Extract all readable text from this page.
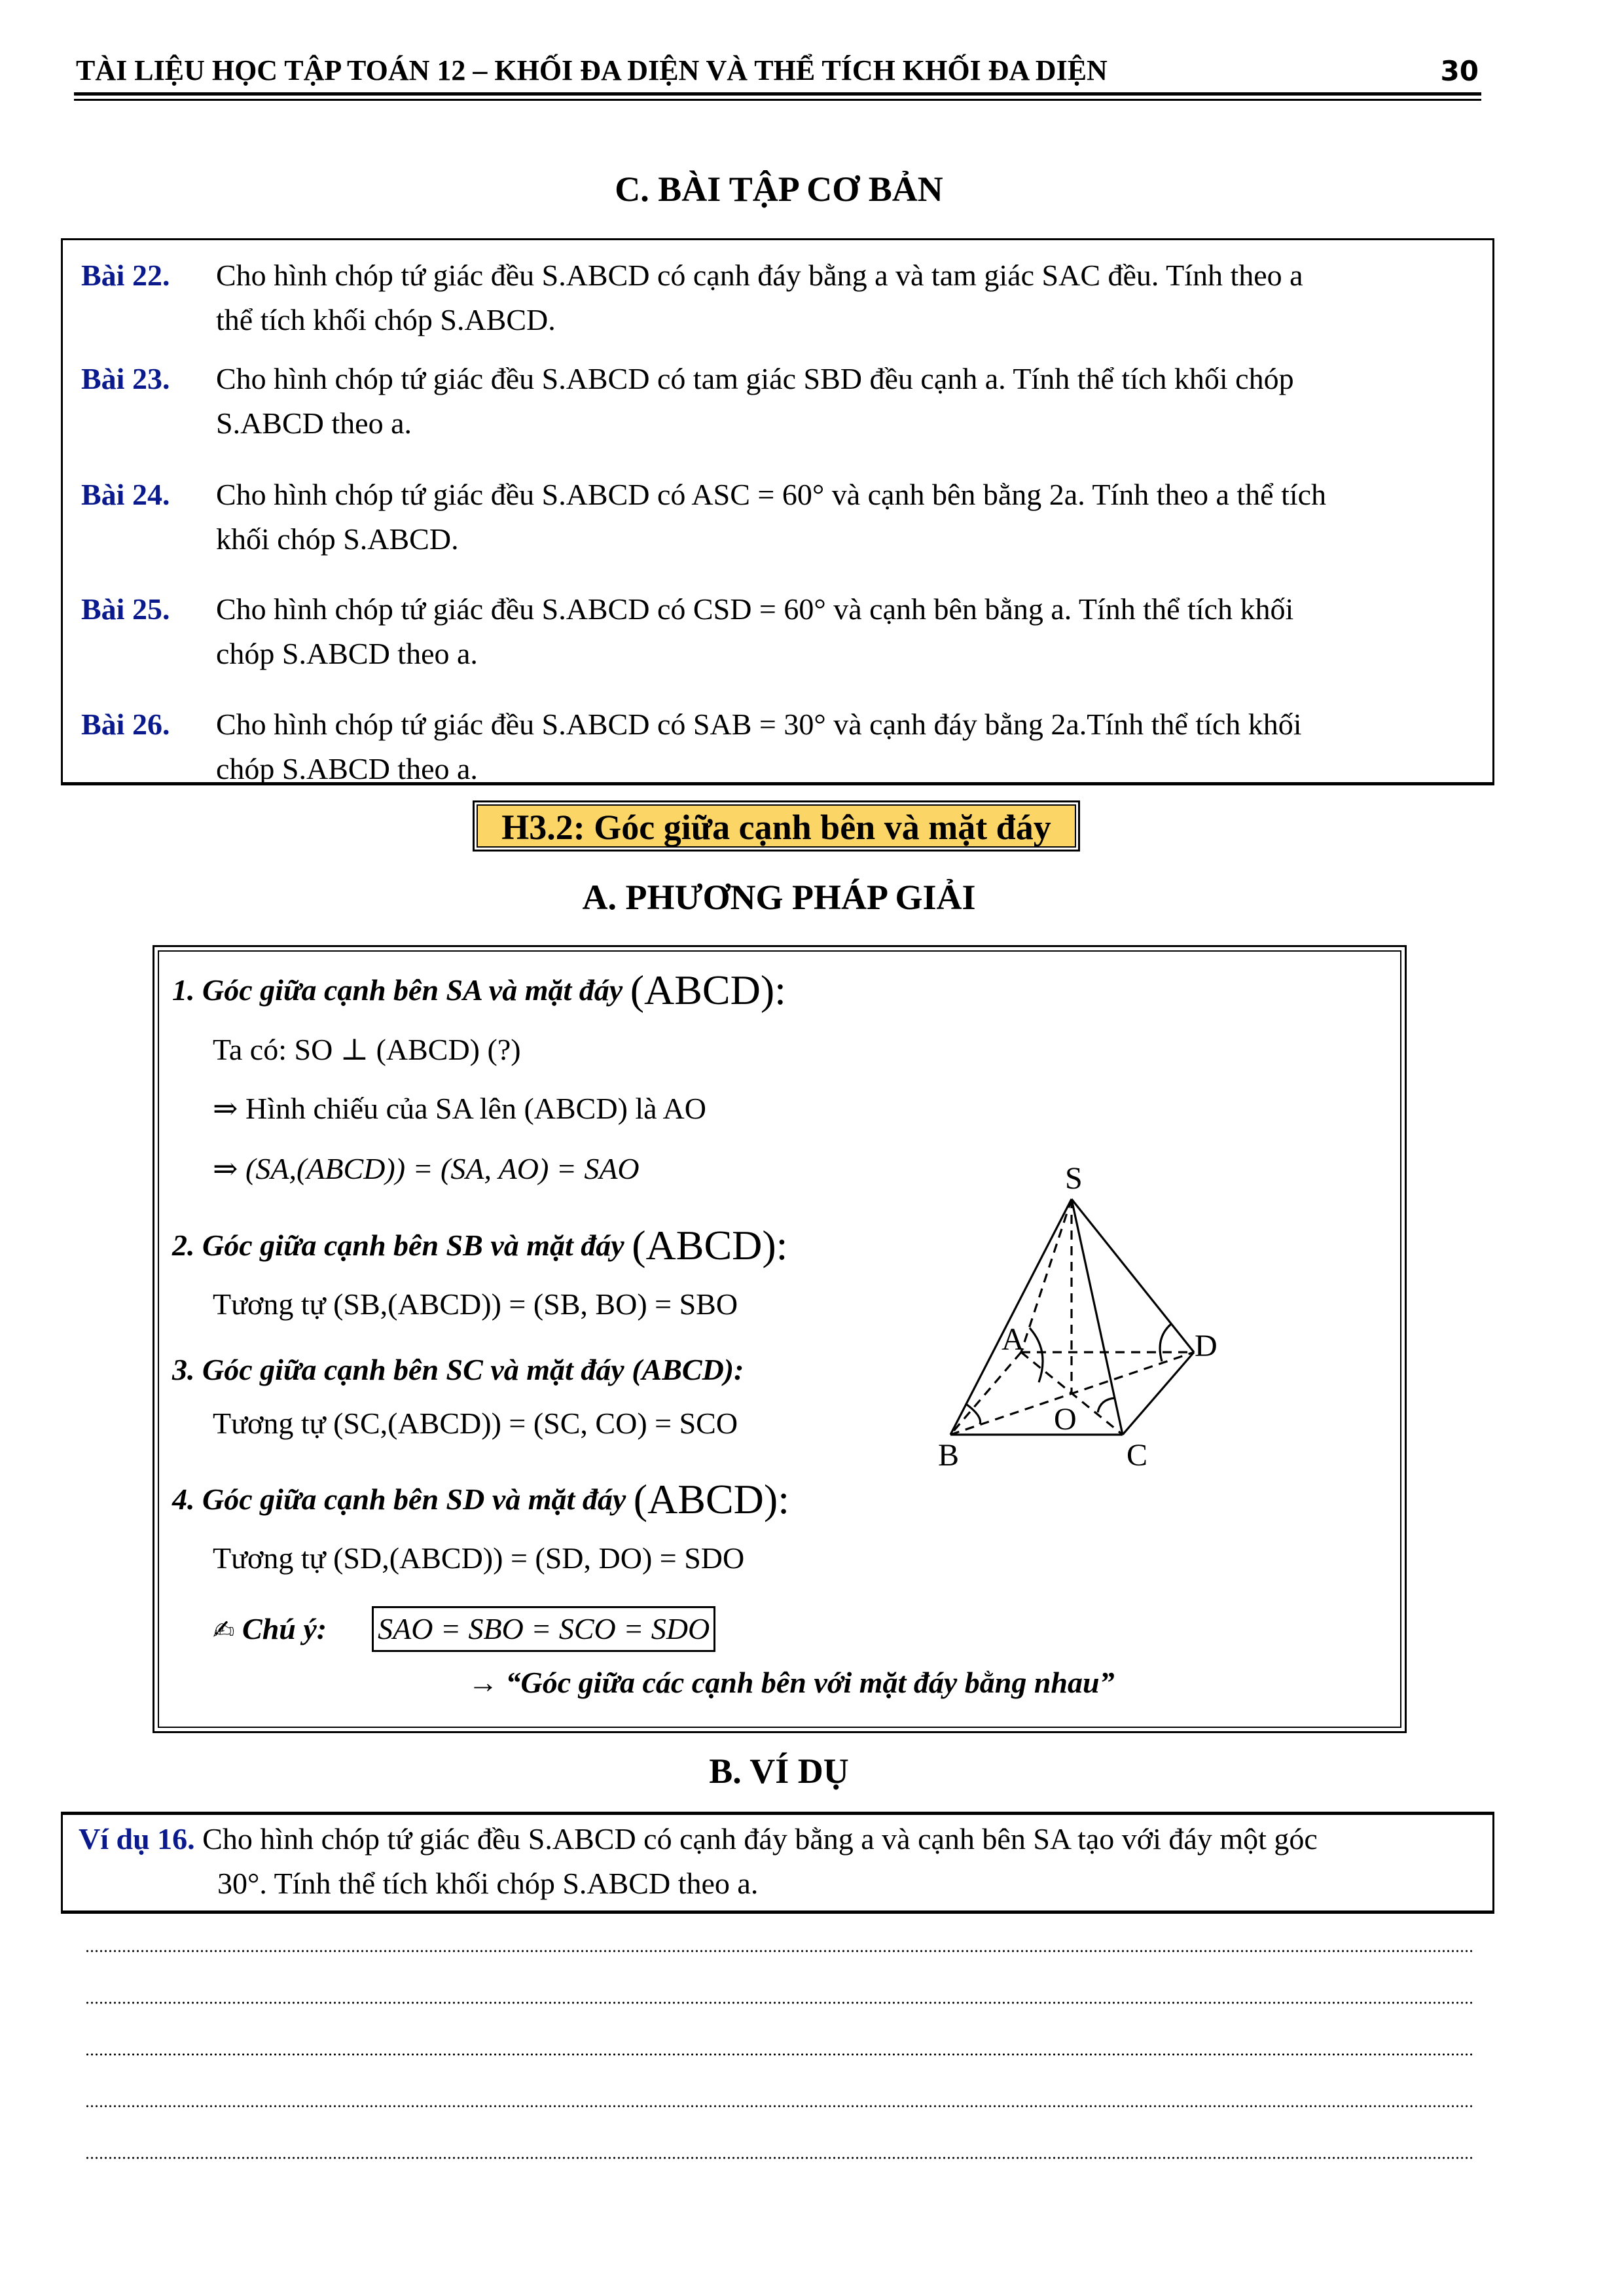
TÀI LIỆU HỌC TẬP TOÁN 12 – KHỐI ĐA DIỆN VÀ THỂ TÍCH KHỐI ĐA DIỆN	30
C. BÀI TẬP CƠ BẢN
Bài 22. Cho hình chóp tứ giác đều S.ABCD có cạnh đáy bằng a và tam giác SAC đều. Tính theo a
thể tích khối chóp S.ABCD.
Bài 23. Cho hình chóp tứ giác đều S.ABCD có tam giác SBD đều cạnh a. Tính thể tích khối chóp
S.ABCD theo a.
Bài 24. Cho hình chóp tứ giác đều S.ABCD có ASC = 60° và cạnh bên bằng 2a. Tính theo a thể tích
khối chóp S.ABCD.
Bài 25. Cho hình chóp tứ giác đều S.ABCD có CSD = 60° và cạnh bên bằng a. Tính thể tích khối
chóp S.ABCD theo a.
Bài 26. Cho hình chóp tứ giác đều S.ABCD có SAB = 30° và cạnh đáy bằng 2a.Tính thể tích khối
chóp S.ABCD theo a.
H3.2: Góc giữa cạnh bên và mặt đáy
A. PHƯƠNG PHÁP GIẢI
1. Góc giữa cạnh bên SA và mặt đáy (ABCD):
Ta có: SO ⊥ (ABCD) (?)
⇒ Hình chiếu của SA lên (ABCD) là AO
⇒ (SA,(ABCD)) = (SA, AO) = SAO
2. Góc giữa cạnh bên SB và mặt đáy (ABCD):
Tương tự (SB,(ABCD)) = (SB, BO) = SBO
3. Góc giữa cạnh bên SC và mặt đáy (ABCD):
Tương tự (SC,(ABCD)) = (SC, CO) = SCO
4. Góc giữa cạnh bên SD và mặt đáy (ABCD):
Tương tự (SD,(ABCD)) = (SD, DO) = SDO
✍ Chú ý: SAO = SBO = SCO = SDO
→ “Góc giữa các cạnh bên với mặt đáy bằng nhau”
S
A
B	C
D
O
B. VÍ DỤ
Ví dụ 16. Cho hình chóp tứ giác đều S.ABCD có cạnh đáy bằng a và cạnh bên SA tạo với đáy một góc
30°. Tính thể tích khối chóp S.ABCD theo a.
